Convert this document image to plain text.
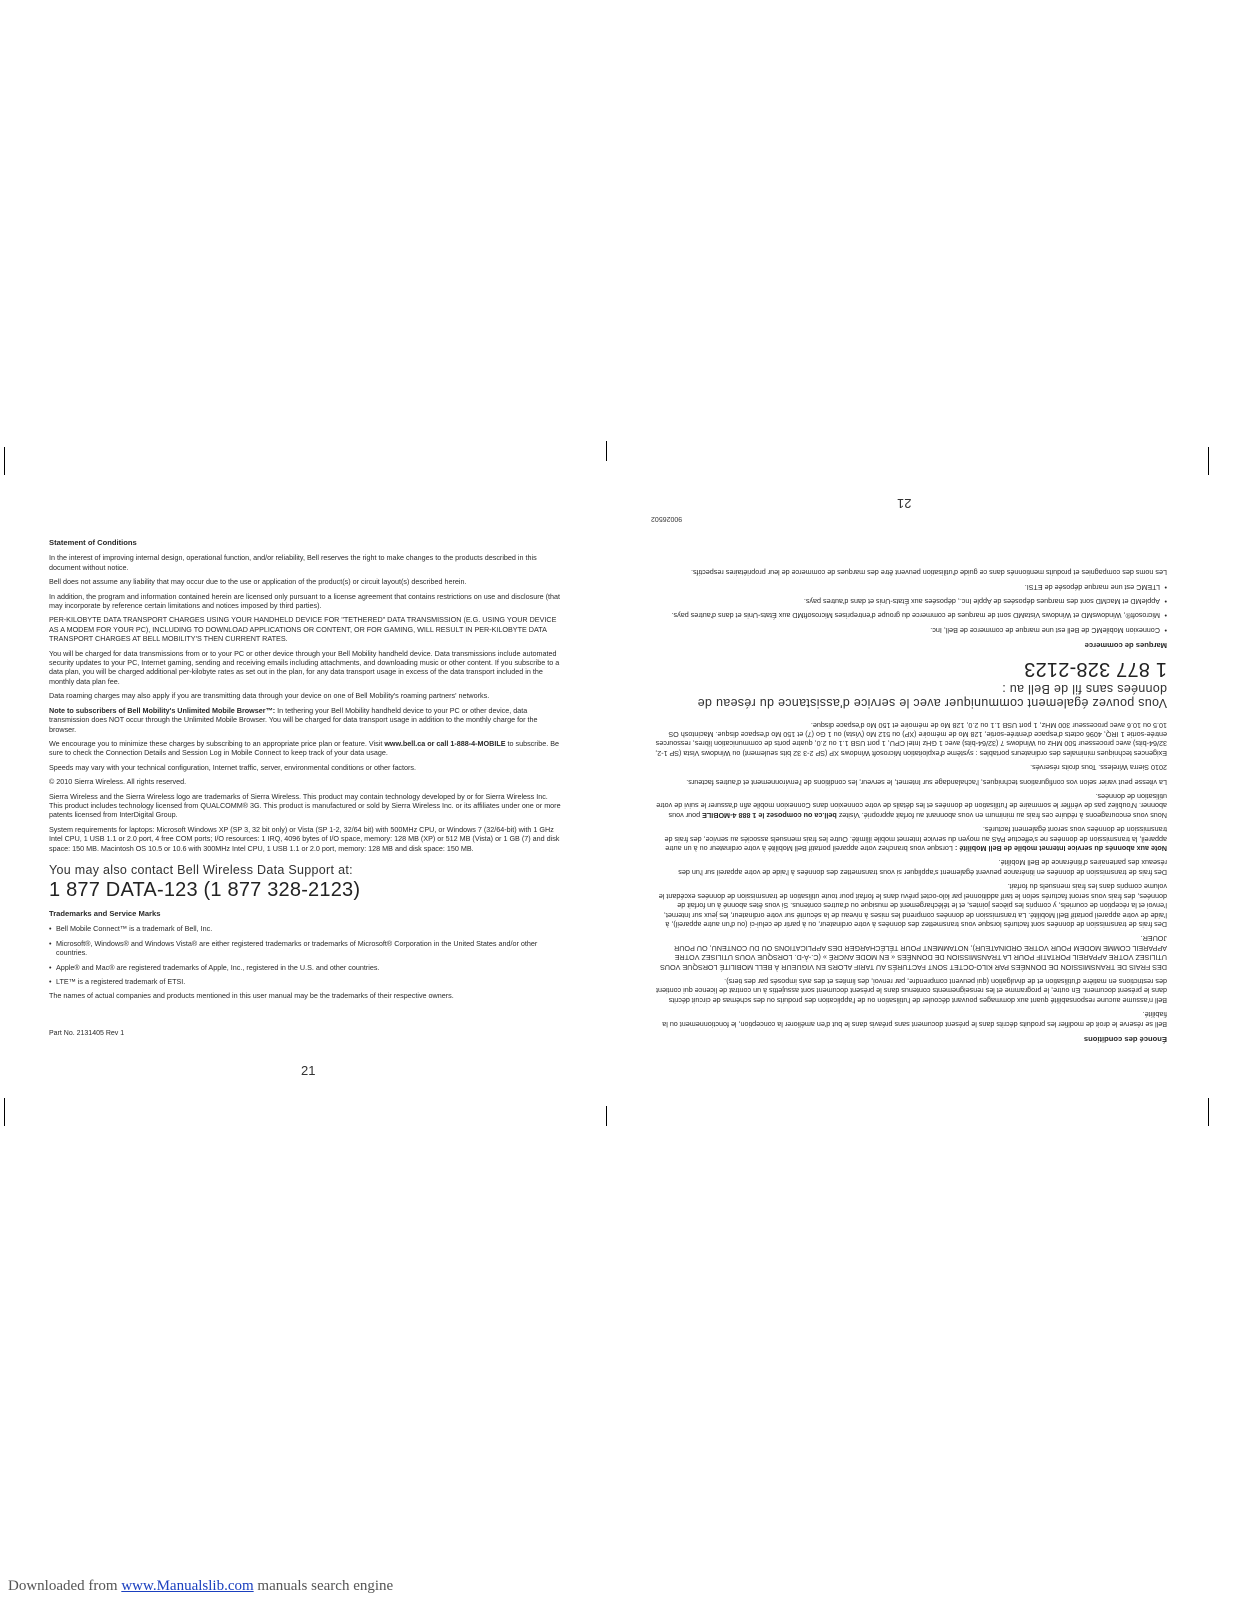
90026502
21
Énoncé des conditions

Bell se réserve le droit de modifier les produits décrits dans le présent document sans préavis dans le but d'en améliorer la conception, le fonctionnement ou la fiabilité.

Bell n'assume aucune responsabilité quant aux dommages pouvant découler de l'utilisation ou de l'application des produits ou des schémas de circuit décrits dans le présent document. En outre, le programme et les renseignements contenus dans le présent document sont assujettis à un contrat de licence qui contient des restrictions en matière d'utilisation et de divulgation (qui peuvent comprendre, par renvoi, des limites et des avis imposés par des tiers).

DES FRAIS DE TRANSMISSION DE DONNÉES PAR KILO-OCTET SONT FACTURÉS AU TARIF ALORS EN VIGUEUR À BELL MOBILITÉ LORSQUE VOUS UTILISEZ VOTRE APPAREIL PORTATIF POUR LA TRANSMISSION DE DONNÉES « EN MODE ANCRÉ » (C.-À-D. LORSQUE VOUS UTILISEZ VOTRE APPAREIL COMME MODEM POUR VOTRE ORDINATEUR), NOTAMMENT POUR TÉLÉCHARGER DES APPLICATIONS OU DU CONTENU, OU POUR JOUER.

Des frais de transmission de données sont facturés lorsque vous transmettez des données à votre ordinateur, ou à partir de celui-ci (ou d'un autre appareil), à l'aide de votre appareil portatif Bell Mobilité. La transmission de données comprend les mises à niveau de la sécurité sur votre ordinateur, les jeux sur Internet, l'envoi et la réception de courriels, y compris les pièces jointes, et le téléchargement de musique ou d'autres contenus. Si vous êtes abonné à un forfait de données, des frais vous seront facturés selon le tarif additionnel par kilo-octet prévu dans le forfait pour toute utilisation de transmission de données excédant le volume compris dans les frais mensuels du forfait.

Des frais de transmission de données en itinérance peuvent également s'appliquer si vous transmettez des données à l'aide de votre appareil sur l'un des réseaux des partenaires d'itinérance de Bell Mobilité.

Note aux abonnés du service Internet mobile de Bell Mobilité : Lorsque vous branchez votre appareil portatif Bell Mobilité à votre ordinateur ou à un autre appareil, la transmission de données ne s'effectue PAS au moyen du service Internet mobile illimité. Outre les frais mensuels associés au service, des frais de transmission de données vous seront également facturés.

Nous vous encourageons à réduire ces frais au minimum en vous abonnant au forfait approprié. Visitez bell.ca ou composez le 1 888 4-MOBILE pour vous abonner. N'oubliez pas de vérifier le sommaire de l'utilisation de données et les détails de votre connexion dans Connexion mobile afin d'assurer le suivi de votre utilisation de données.

La vitesse peut varier selon vos configurations techniques, l'achalandage sur Internet, le serveur, les conditions de l'environnement et d'autres facteurs.

2010 Sierra Wireless. Tous droits réservés.

Exigences techniques minimales des ordinateurs portables : système d'exploitation Microsoft Windows XP (SP 2-3 32 bits seulement) ou Windows Vista (SP 1-2, 32/64-bits) avec processeur 500 MHz ou Windows 7 (32/64-bits) avec 1 GHz Intel CPU, 1 port USB 1.1 ou 2.0, quatre ports de communication libres, ressources entrée-sortie 1 IRQ, 4096 octets d'espace d'entrée-sortie, 128 Mo de mémoire (XP) ou 512 Mo (Vista) ou 1 Go (7) et 150 Mo d'espace disque. Macintosh OS 10.5 ou 10.6 avec processeur 300 MHz, 1 port USB 1.1 ou 2.0, 128 Mo de mémoire et 150 Mo d'espace disque.

Vous pouvez également communiquer avec le service d'assistance du réseau de données sans fil de Bell au :
1 877 328-2123
Marques de commerce
• Connexion MobileMC de Bell est une marque de commerce de Bell, Inc.
• Microsoft®, WindowsMD et Windows VistaMD sont de marques de commerce du groupe d'entreprises MicrosoftMD aux États-Unis et dans d'autres pays.
• AppleMD et MacMD sont des marques déposées de Apple Inc., déposées aux États-Unis et dans d'autres pays.
• LTEMC est une marque déposée de ETSI.

Les noms des compagnies et produits mentionnés dans ce guide d'utilisation peuvent être des marques de commerce de leur propriétaires respectifs.

Statement of Conditions

In the interest of improving internal design, operational function, and/or reliability, Bell reserves the right to make changes to the products described in this document without notice.

Bell does not assume any liability that may occur due to the use or application of the product(s) or circuit layout(s) described herein.

In addition, the program and information contained herein are licensed only pursuant to a license agreement that contains restrictions on use and disclosure (that may incorporate by reference certain limitations and notices imposed by third parties).

PER-KILOBYTE DATA TRANSPORT CHARGES USING YOUR HANDHELD DEVICE FOR "TETHERED" DATA TRANSMISSION (E.G. USING YOUR DEVICE AS A MODEM FOR YOUR PC), INCLUDING TO DOWNLOAD APPLICATIONS OR CONTENT, OR FOR GAMING, WILL RESULT IN PER-KILOBYTE DATA TRANSPORT CHARGES AT BELL MOBILITY'S THEN CURRENT RATES.

You will be charged for data transmissions from or to your PC or other device through your Bell Mobility handheld device. Data transmissions include automated security updates to your PC, Internet gaming, sending and receiving emails including attachments, and downloading music or other content. If you subscribe to a data plan, you will be charged additional per-kilobyte rates as set out in the plan, for any data transport usage in excess of the data transport included in the monthly data plan fee.

Data roaming charges may also apply if you are transmitting data through your device on one of Bell Mobility's roaming partners' networks.

Note to subscribers of Bell Mobility's Unlimited Mobile Browser™: In tethering your Bell Mobility handheld device to your PC or other device, data transmission does NOT occur through the Unlimited Mobile Browser. You will be charged for data transport usage in addition to the monthly charge for the browser.

We encourage you to minimize these charges by subscribing to an appropriate price plan or feature. Visit www.bell.ca or call 1-888-4-MOBILE to subscribe. Be sure to check the Connection Details and Session Log in Mobile Connect to keep track of your data usage.

Speeds may vary with your technical configuration, Internet traffic, server, environmental conditions or other factors.

© 2010 Sierra Wireless. All rights reserved.

Sierra Wireless and the Sierra Wireless logo are trademarks of Sierra Wireless. This product may contain technology developed by or for Sierra Wireless Inc. This product includes technology licensed from QUALCOMM® 3G. This product is manufactured or sold by Sierra Wireless Inc. or its affiliates under one or more patents licensed from InterDigital Group.

System requirements for laptops: Microsoft Windows XP (SP 3, 32 bit only) or Vista (SP 1-2, 32/64 bit) with 500MHz CPU, or Windows 7 (32/64-bit) with 1 GHz Intel CPU, 1 USB 1.1 or 2.0 port, 4 free COM ports; I/O resources: 1 IRQ, 4096 bytes of I/O space, memory: 128 MB (XP) or 512 MB (Vista) or 1 GB (7) and disk space: 150 MB. Macintosh OS 10.5 or 10.6 with 300MHz Intel CPU, 1 USB 1.1 or 2.0 port, memory: 128 MB and disk space: 150 MB.

You may also contact Bell Wireless Data Support at:
1 877 DATA-123 (1 877 328-2123)
Trademarks and Service Marks
• Bell Mobile Connect™ is a trademark of Bell, Inc.
• Microsoft®, Windows® and Windows Vista® are either registered trademarks or trademarks of Microsoft® Corporation in the United States and/or other countries.
• Apple® and Mac® are registered trademarks of Apple, Inc., registered in the U.S. and other countries.
• LTE™ is a registered trademark of ETSI.

The names of actual companies and products mentioned in this user manual may be the trademarks of their respective owners.

Part No. 2131405 Rev 1
21
Downloaded from www.Manualslib.com manuals search engine
